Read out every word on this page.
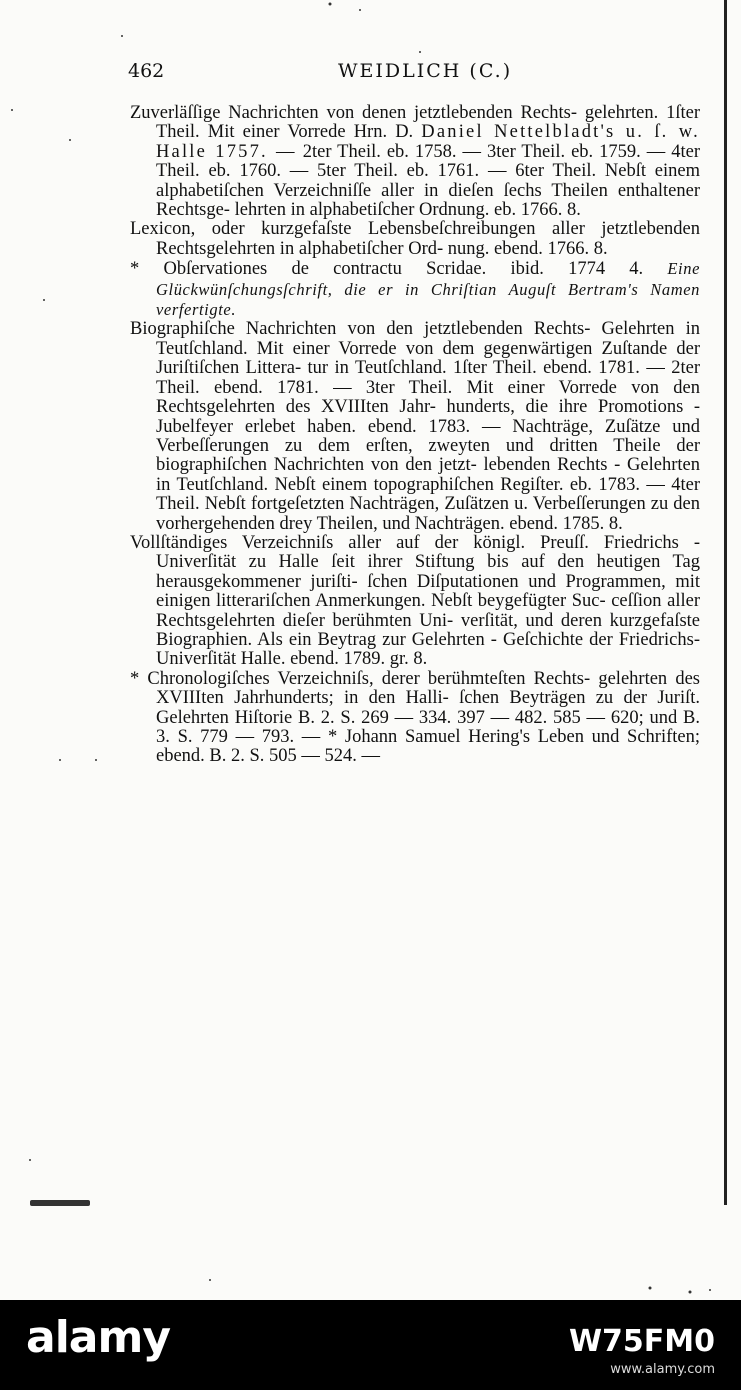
462	WEIDLICH (C.)

Zuverläſſige Nachrichten von denen jetztlebenden Rechts- gelehrten. 1ſter Theil. Mit einer Vorrede Hrn. D. Daniel Nettelbladt's u. ſ. w. Halle 1757. — 2ter Theil. eb. 1758. — 3ter Theil. eb. 1759. — 4ter Theil. eb. 1760. — 5ter Theil. eb. 1761. — 6ter Theil. Nebſt einem alphabetiſchen Verzeichniſſe aller in dieſen ſechs Theilen enthaltener Rechtsge- lehrten in alphabetiſcher Ordnung. eb. 1766. 8.

Lexicon, oder kurzgefaſste Lebensbeſchreibungen aller jetztlebenden Rechtsgelehrten in alphabetiſcher Ord- nung. ebend. 1766. 8.

* Obſervationes de contractu Scridae. ibid. 1774 4. Eine Glückwünſchungsſchrift, die er in Chriſtian Auguſt Bertram's Namen verfertigte.

Biographiſche Nachrichten von den jetztlebenden Rechts- Gelehrten in Teutſchland. Mit einer Vorrede von dem gegenwärtigen Zuſtande der Juriſtiſchen Littera- tur in Teutſchland. 1ſter Theil. ebend. 1781. — 2ter Theil. ebend. 1781. — 3ter Theil. Mit einer Vorrede von den Rechtsgelehrten des XVIIIten Jahr- hunderts, die ihre Promotions - Jubelfeyer erlebet haben. ebend. 1783. — Nachträge, Zuſätze und Verbeſſerungen zu dem erſten, zweyten und dritten Theile der biographiſchen Nachrichten von den jetzt- lebenden Rechts - Gelehrten in Teutſchland. Nebſt einem topographiſchen Regiſter. eb. 1783. — 4ter Theil. Nebſt fortgeſetzten Nachträgen, Zuſätzen u. Verbeſſerungen zu den vorhergehenden drey Theilen, und Nachträgen. ebend. 1785. 8.

Vollſtändiges Verzeichniſs aller auf der königl. Preuſſ. Friedrichs - Univerſität zu Halle ſeit ihrer Stiftung bis auf den heutigen Tag herausgekommener juriſti- ſchen Diſputationen und Programmen, mit einigen litterariſchen Anmerkungen. Nebſt beygefügter Suc- ceſſion aller Rechtsgelehrten dieſer berühmten Uni- verſität, und deren kurzgefaſste Biographien. Als ein Beytrag zur Gelehrten - Geſchichte der Friedrichs- Univerſität Halle. ebend. 1789. gr. 8.

* Chronologiſches Verzeichniſs, derer berühmteſten Rechts- gelehrten des XVIIIten Jahrhunderts; in den Halli- ſchen Beyträgen zu der Juriſt. Gelehrten Hiſtorie B. 2. S. 269 — 334. 397 — 482. 585 — 620; und B. 3. S. 779 — 793. — * Johann Samuel Hering's Leben und Schriften; ebend. B. 2. S. 505 — 524. —

alamy	W75FM0
www.alamy.com
